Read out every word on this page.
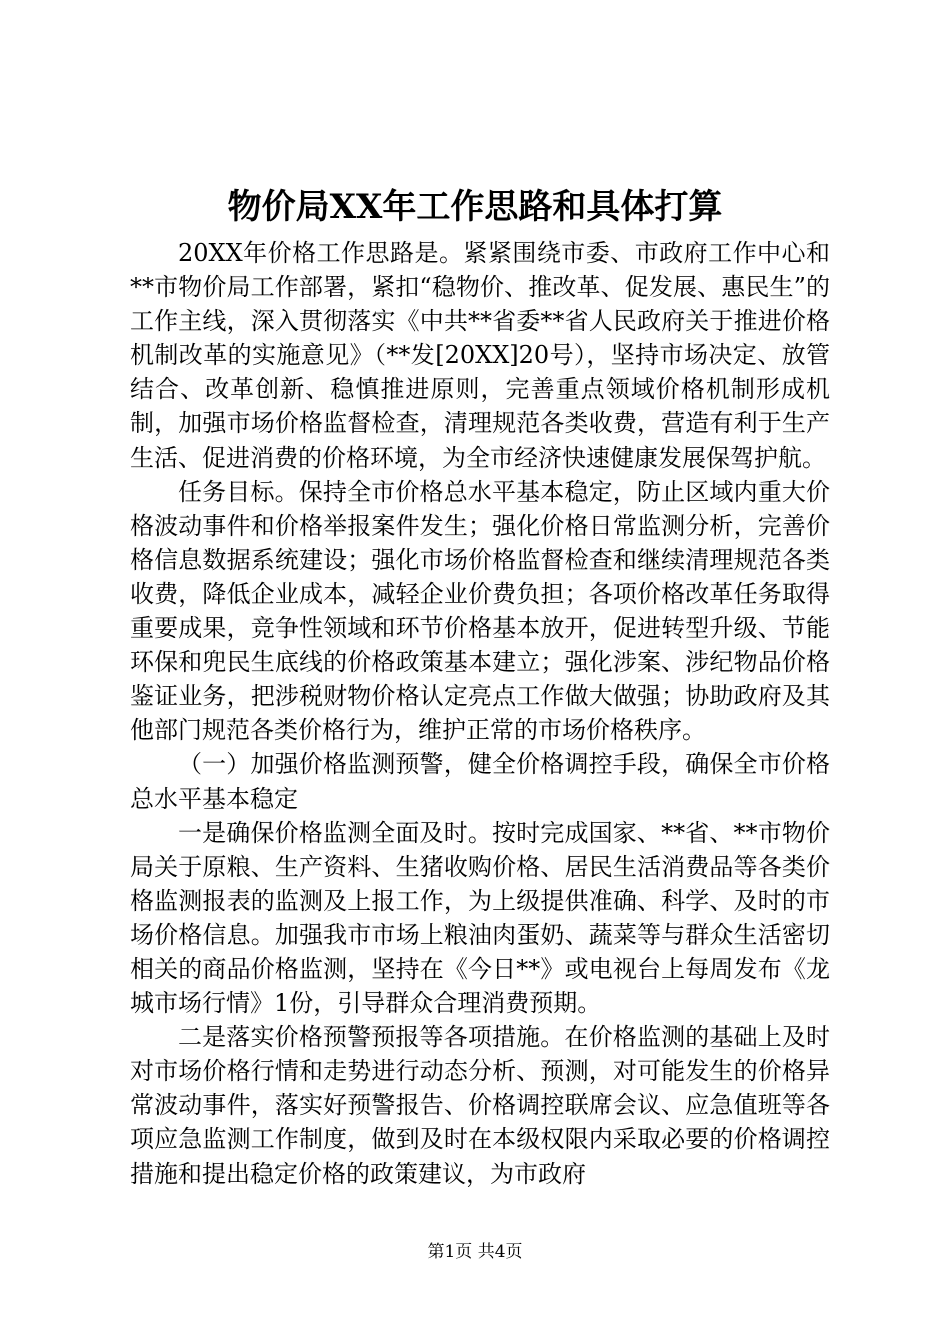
物价局XX年工作思路和具体打算

20XX年价格工作思路是。紧紧围绕市委、市政府工作中心和**市物价局工作部署，紧扣“稳物价、推改革、促发展、惠民生”的工作主线，深入贯彻落实《中共**省委**省人民政府关于推进价格机制改革的实施意见》（**发[20XX]20号），坚持市场决定、放管结合、改革创新、稳慎推进原则，完善重点领域价格机制形成机制，加强市场价格监督检查，清理规范各类收费，营造有利于生产生活、促进消费的价格环境，为全市经济快速健康发展保驾护航。

任务目标。保持全市价格总水平基本稳定，防止区域内重大价格波动事件和价格举报案件发生；强化价格日常监测分析，完善价格信息数据系统建设；强化市场价格监督检查和继续清理规范各类收费，降低企业成本，减轻企业价费负担；各项价格改革任务取得重要成果，竞争性领域和环节价格基本放开，促进转型升级、节能环保和兜民生底线的价格政策基本建立；强化涉案、涉纪物品价格鉴证业务，把涉税财物价格认定亮点工作做大做强；协助政府及其他部门规范各类价格行为，维护正常的市场价格秩序。

（一）加强价格监测预警，健全价格调控手段，确保全市价格总水平基本稳定

一是确保价格监测全面及时。按时完成国家、**省、**市物价局关于原粮、生产资料、生猪收购价格、居民生活消费品等各类价格监测报表的监测及上报工作，为上级提供准确、科学、及时的市场价格信息。加强我市市场上粮油肉蛋奶、蔬菜等与群众生活密切相关的商品价格监测，坚持在《今日**》或电视台上每周发布《龙城市场行情》1份，引导群众合理消费预期。

二是落实价格预警预报等各项措施。在价格监测的基础上及时对市场价格行情和走势进行动态分析、预测，对可能发生的价格异常波动事件，落实好预警报告、价格调控联席会议、应急值班等各项应急监测工作制度，做到及时在本级权限内采取必要的价格调控措施和提出稳定价格的政策建议，为市政府

第1页 共4页
